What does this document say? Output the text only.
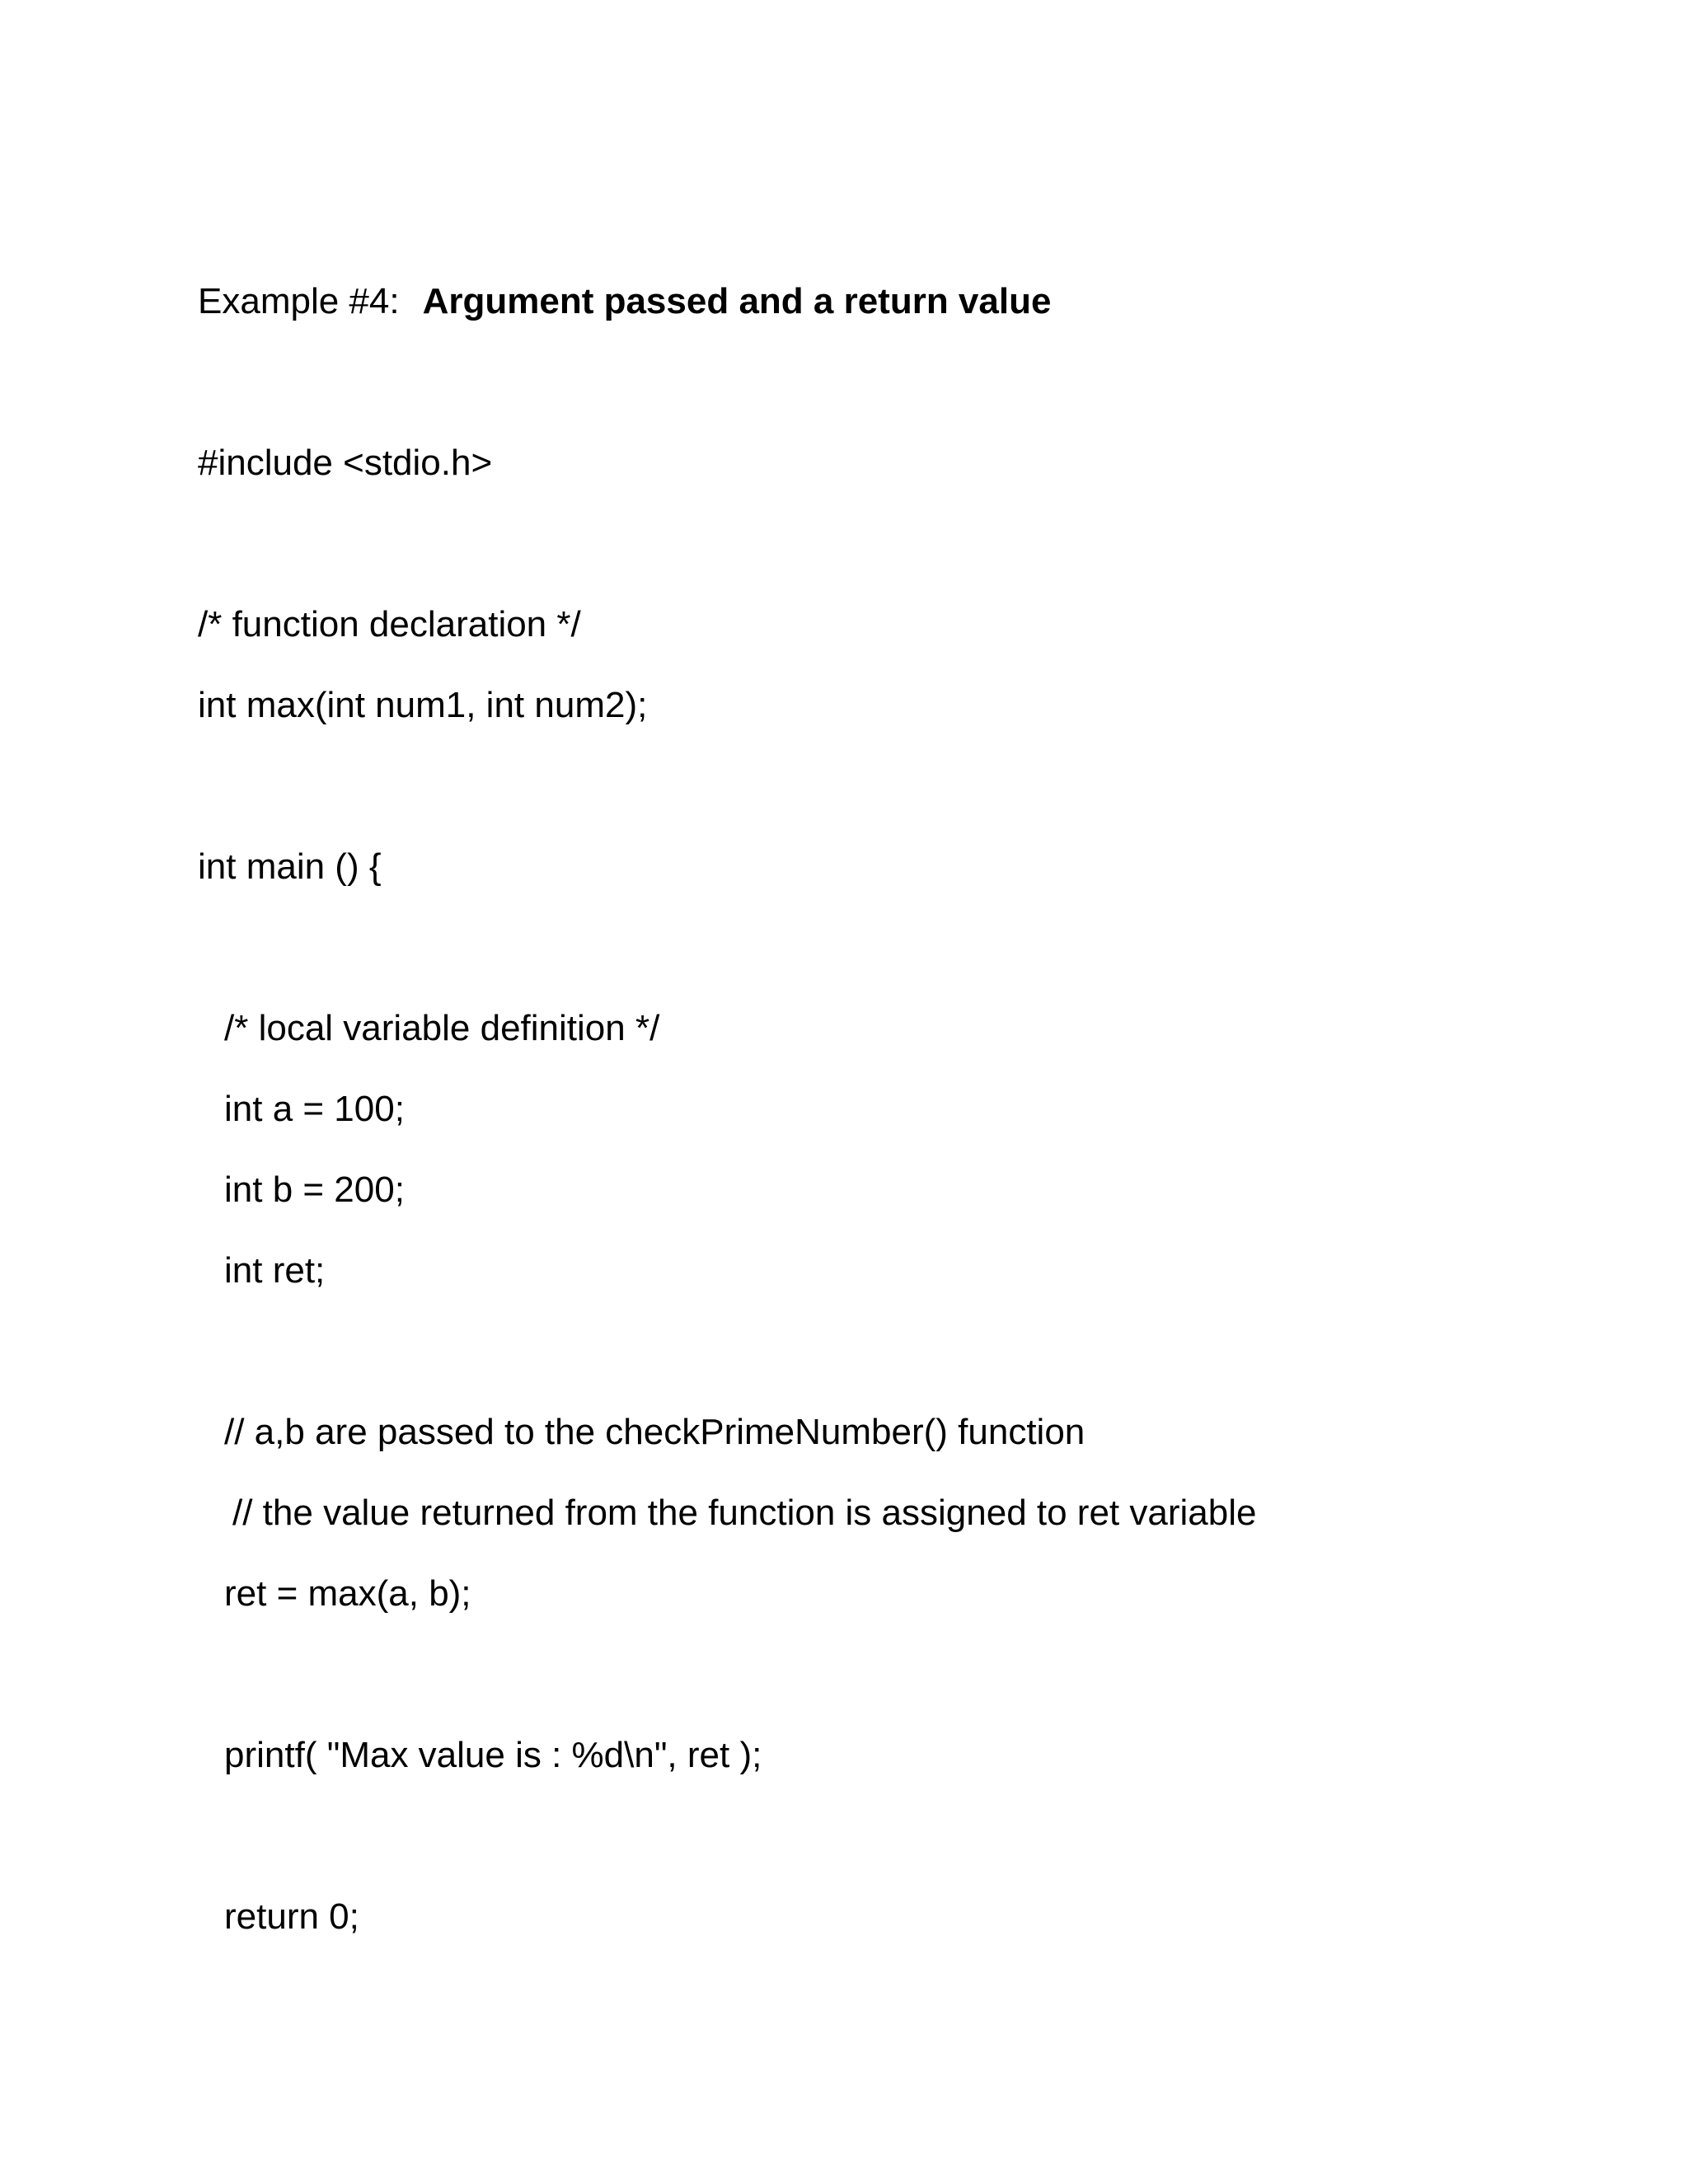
Example #4: Argument passed and a return value

#include <stdio.h>

/* function declaration */

int max(int num1, int num2);

int main () {

/* local variable definition */

int a = 100;

int b = 200;

int ret;

// a,b are passed to the checkPrimeNumber() function

// the value returned from the function is assigned to ret variable

ret = max(a, b);

printf( "Max value is : %d\n", ret );

return 0;
